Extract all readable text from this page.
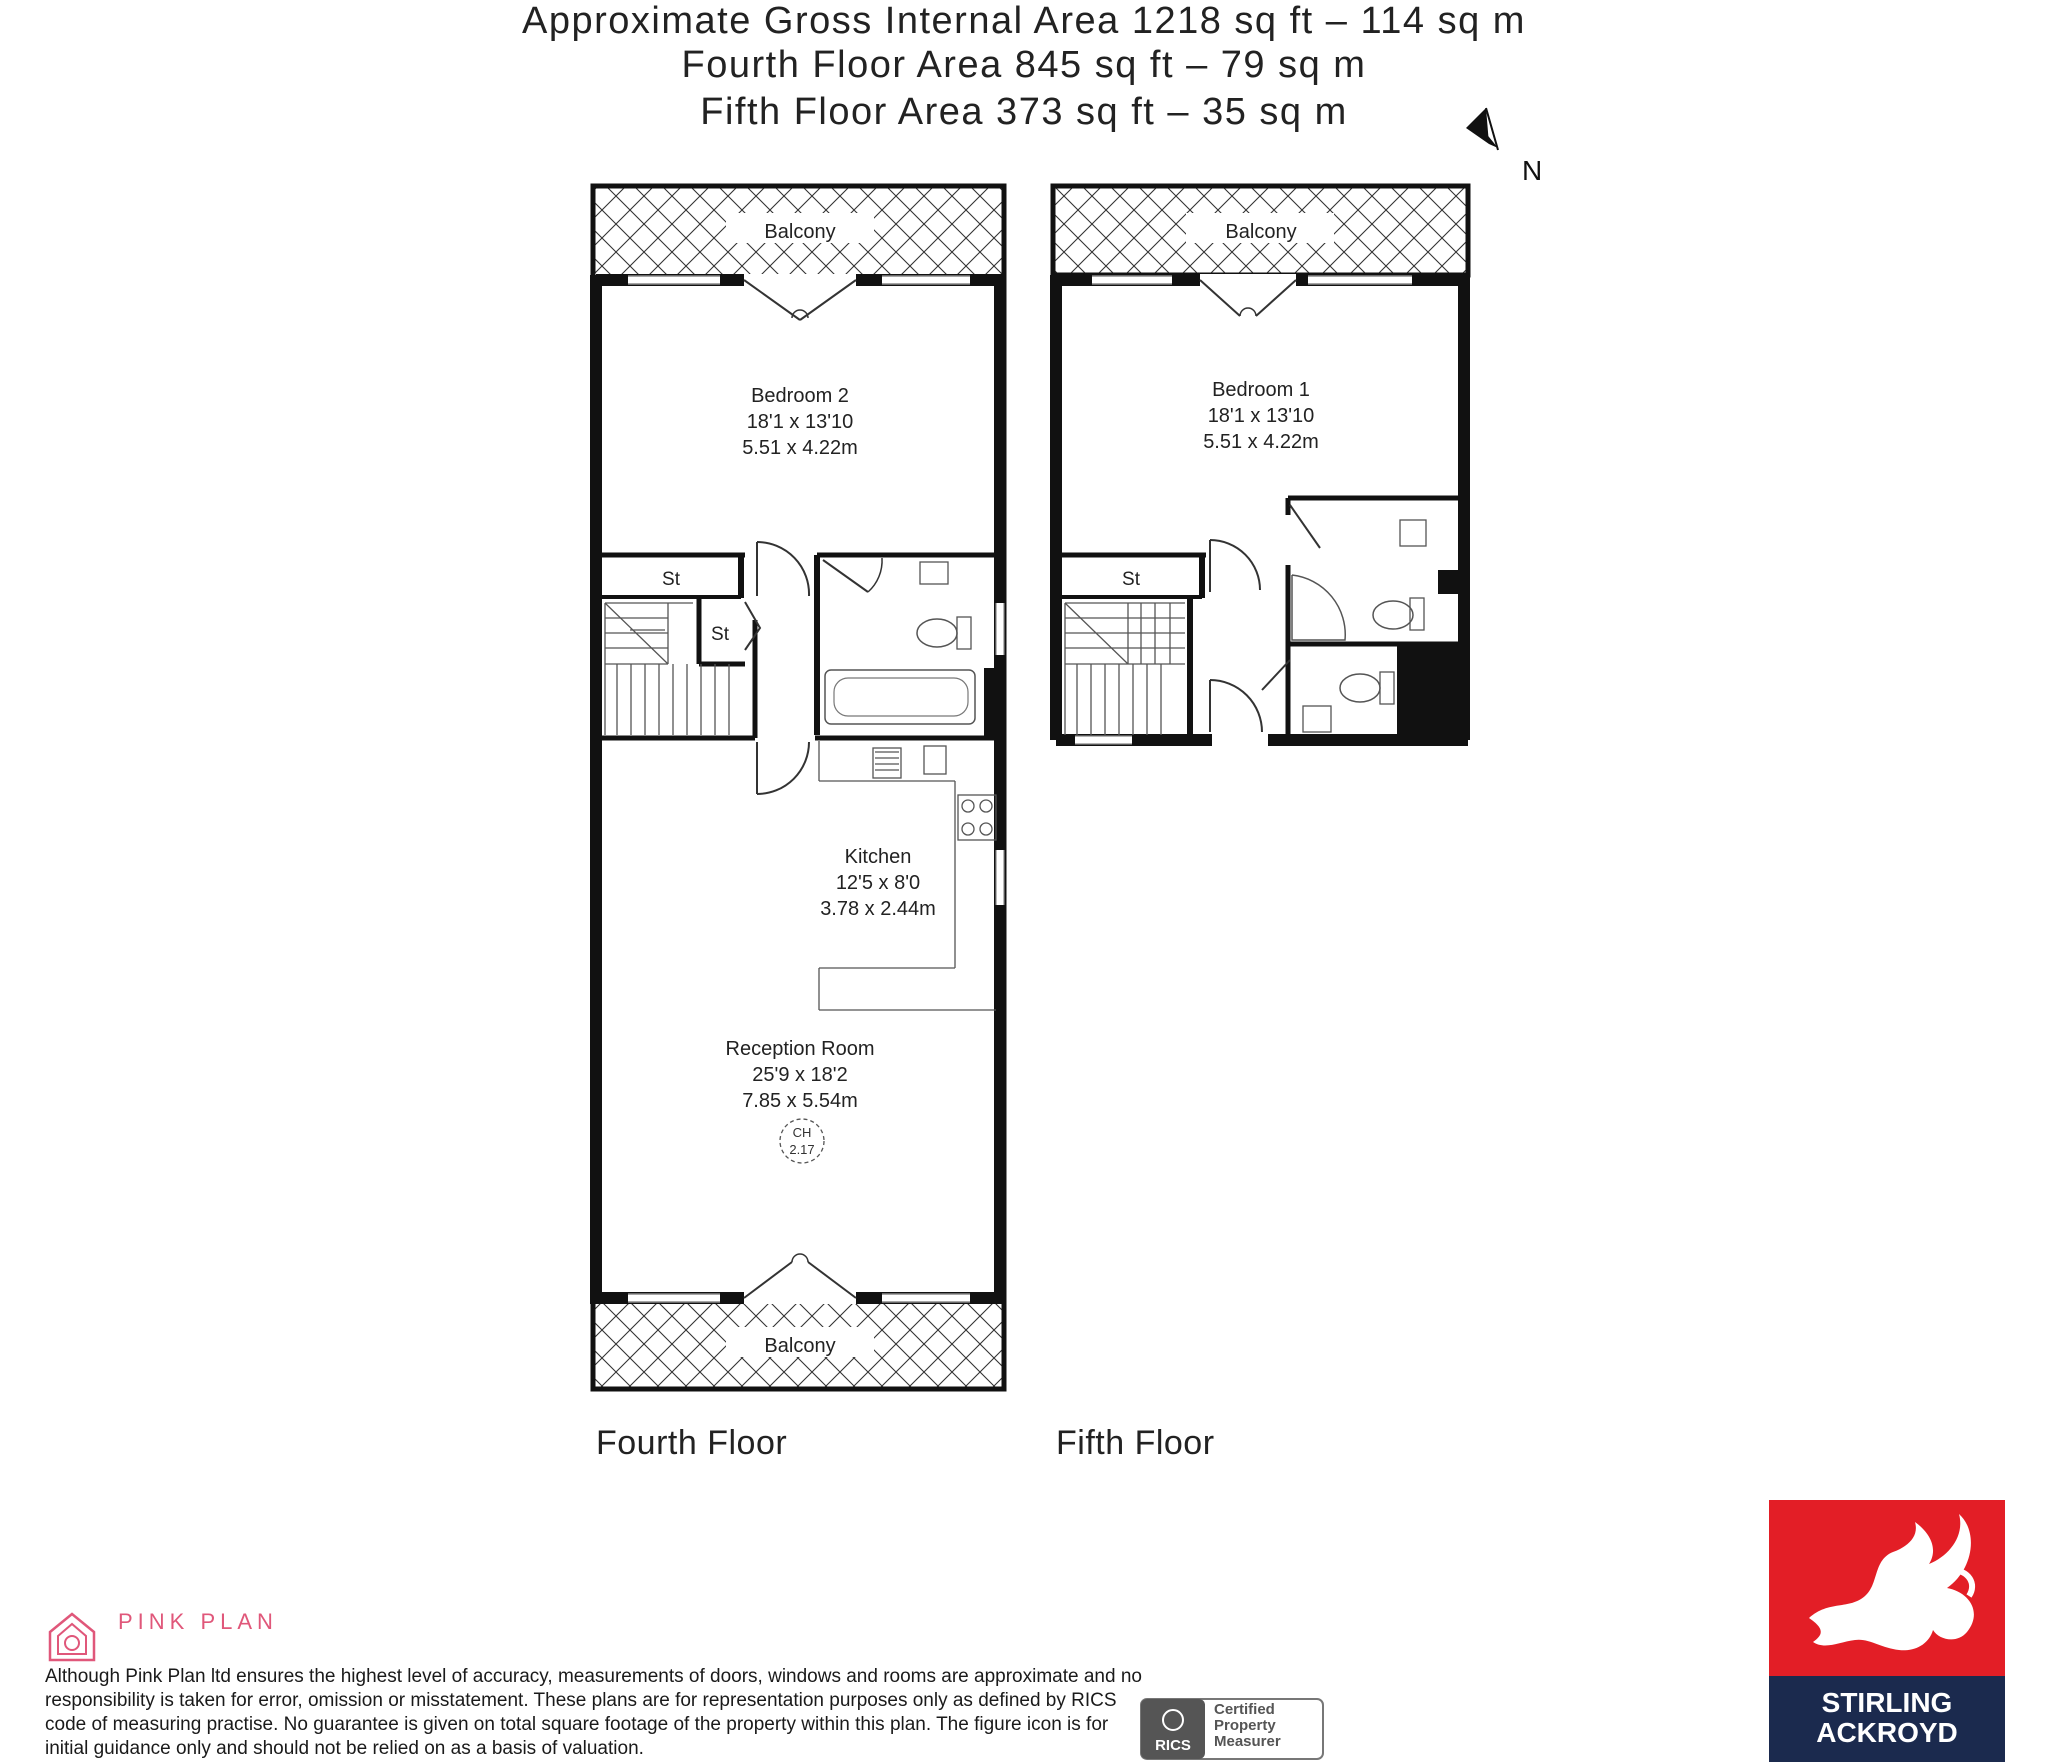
Approximate Gross Internal Area 1218 sq ft – 114 sq m
Fourth Floor Area 845 sq ft – 79 sq m
Fifth Floor Area 373 sq ft – 35 sq m
N
Balcony
Balcony
Bedroom 2
18'1 x 13'10
5.51 x 4.22m
St
St
Kitchen
12'5 x 8'0
3.78 x 2.44m
Reception Room
25'9 x 18'2
7.85 x 5.54m
CH
2.17
Balcony
Bedroom 1
18'1 x 13'10
5.51 x 4.22m
St
Fourth Floor	Fifth Floor
PINK PLAN
Although Pink Plan ltd ensures the highest level of accuracy, measurements of doors, windows and rooms are approximate and no responsibility is taken for error, omission or misstatement. These plans are for representation purposes only as defined by RICS code of measuring practise. No guarantee is given on total square footage of the property within this plan. The figure icon is for initial guidance only and should not be relied on as a basis of valuation.	RICS
Certified
Property
Measurer
STIRLING
ACKROYD
